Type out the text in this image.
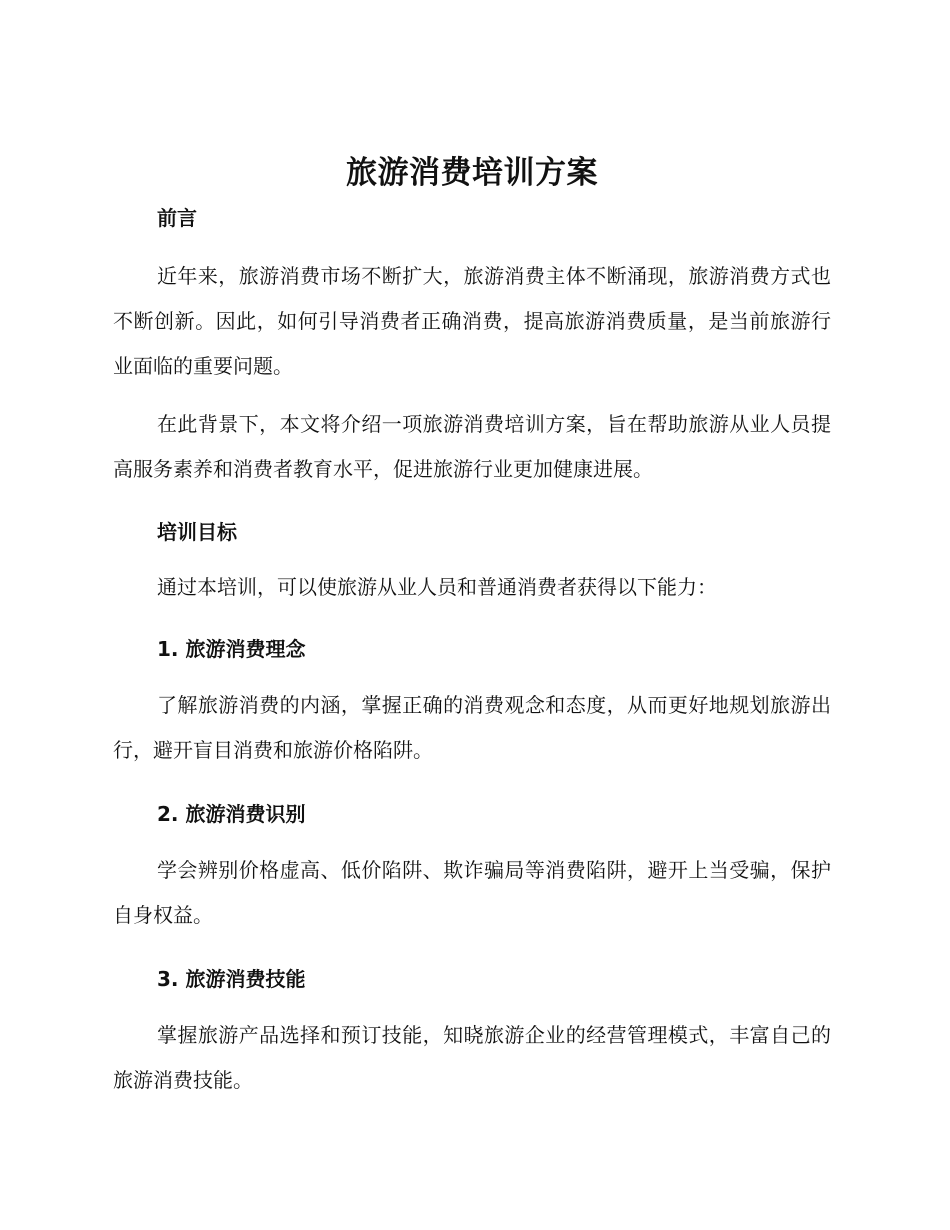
旅游消费培训方案

前言

近年来，旅游消费市场不断扩大，旅游消费主体不断涌现，旅游消费方式也不断创新。因此，如何引导消费者正确消费，提高旅游消费质量，是当前旅游行业面临的重要问题。

在此背景下，本文将介绍一项旅游消费培训方案，旨在帮助旅游从业人员提高服务素养和消费者教育水平，促进旅游行业更加健康进展。

培训目标

通过本培训，可以使旅游从业人员和普通消费者获得以下能力：

1. 旅游消费理念

了解旅游消费的内涵，掌握正确的消费观念和态度，从而更好地规划旅游出行，避开盲目消费和旅游价格陷阱。

2. 旅游消费识别

学会辨别价格虚高、低价陷阱、欺诈骗局等消费陷阱，避开上当受骗，保护自身权益。

3. 旅游消费技能

掌握旅游产品选择和预订技能，知晓旅游企业的经营管理模式，丰富自己的旅游消费技能。
